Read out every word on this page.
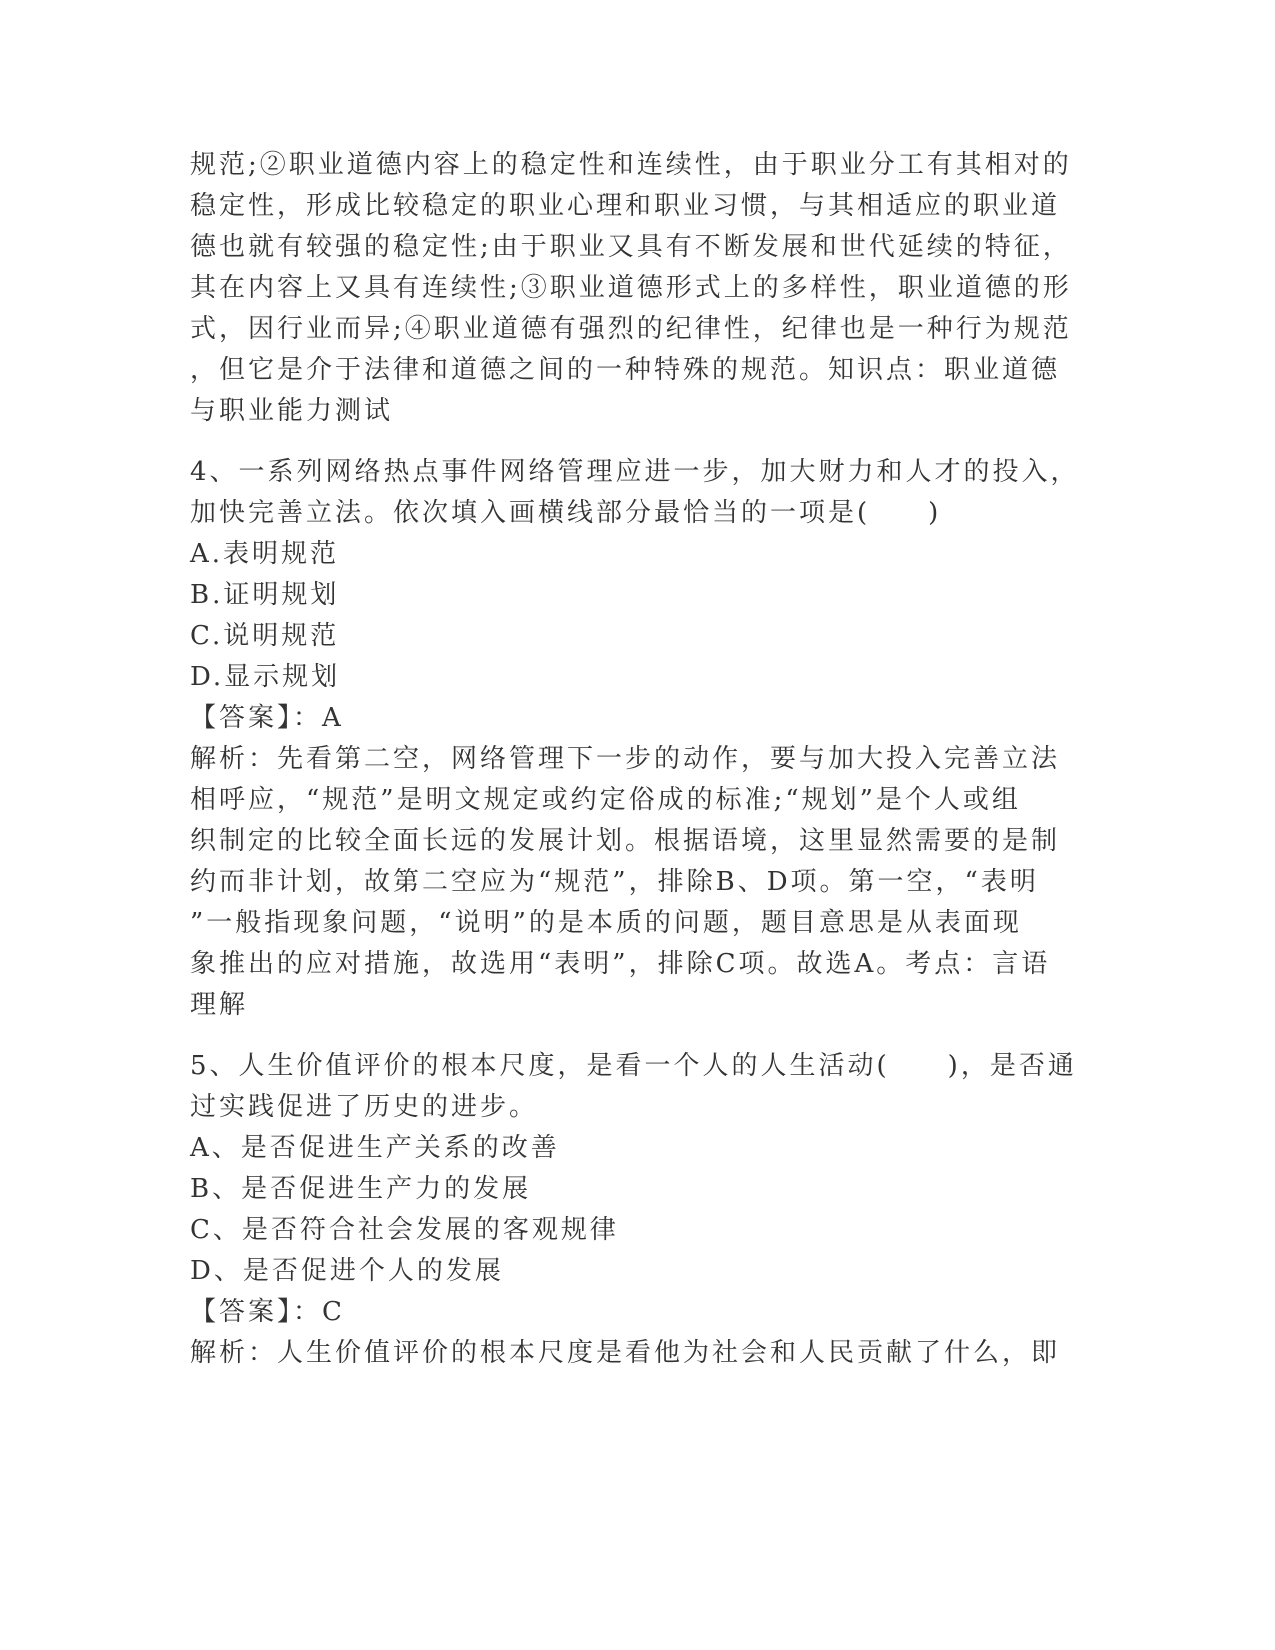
规范;②职业道德内容上的稳定性和连续性，由于职业分工有其相对的
稳定性，形成比较稳定的职业心理和职业习惯，与其相适应的职业道
德也就有较强的稳定性;由于职业又具有不断发展和世代延续的特征，
其在内容上又具有连续性;③职业道德形式上的多样性，职业道德的形
式，因行业而异;④职业道德有强烈的纪律性，纪律也是一种行为规范
，但它是介于法律和道德之间的一种特殊的规范。知识点：职业道德
与职业能力测试
4、一系列网络热点事件网络管理应进一步，加大财力和人才的投入，
加快完善立法。依次填入画横线部分最恰当的一项是(　　)
A.表明规范
B.证明规划
C.说明规范
D.显示规划
【答案】：A
解析：先看第二空，网络管理下一步的动作，要与加大投入完善立法
相呼应，“规范”是明文规定或约定俗成的标准;“规划”是个人或组
织制定的比较全面长远的发展计划。根据语境，这里显然需要的是制
约而非计划，故第二空应为“规范”，排除B、D项。第一空，“表明
”一般指现象问题，“说明”的是本质的问题，题目意思是从表面现
象推出的应对措施，故选用“表明”，排除C项。故选A。考点：言语
理解
5、人生价值评价的根本尺度，是看一个人的人生活动(　　)，是否通
过实践促进了历史的进步。
A、是否促进生产关系的改善
B、是否促进生产力的发展
C、是否符合社会发展的客观规律
D、是否促进个人的发展
【答案】：C
解析：人生价值评价的根本尺度是看他为社会和人民贡献了什么，即
